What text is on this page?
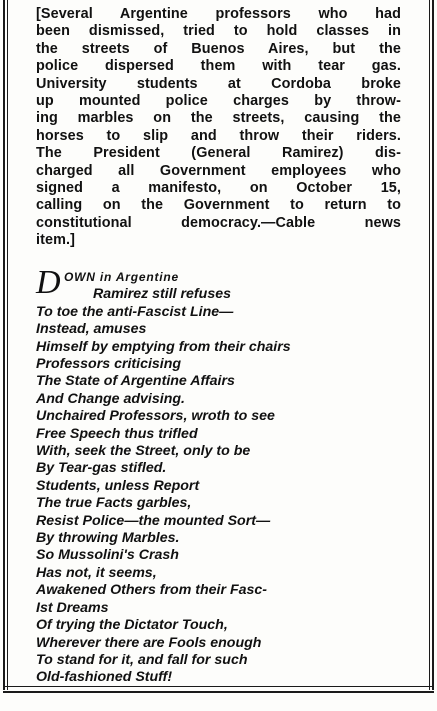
[Several Argentine professors who had
been dismissed, tried to hold classes in
the streets of Buenos Aires, but the
police dispersed them with tear gas.
University students at Cordoba broke
up mounted police charges by throw-
ing marbles on the streets, causing the
horses to slip and throw their riders.
The President (General Ramirez) dis-
charged all Government employees who
signed a manifesto, on October 15,
calling on the Government to return to
constitutional democracy.—Cable news
item.]

D OWN in Argentine
Ramirez still refuses
To toe the anti-Fascist Line—
Instead, amuses
Himself by emptying from their chairs
Professors criticising
The State of Argentine Affairs
And Change advising.
Unchaired Professors, wroth to see
Free Speech thus trifled
With, seek the Street, only to be
By Tear-gas stifled.
Students, unless Report
The true Facts garbles,
Resist Police—the mounted Sort—
By throwing Marbles.
So Mussolini's Crash
Has not, it seems,
Awakened Others from their Fasc-
Ist Dreams
Of trying the Dictator Touch,
Wherever there are Fools enough
To stand for it, and fall for such
Old-fashioned Stuff!
